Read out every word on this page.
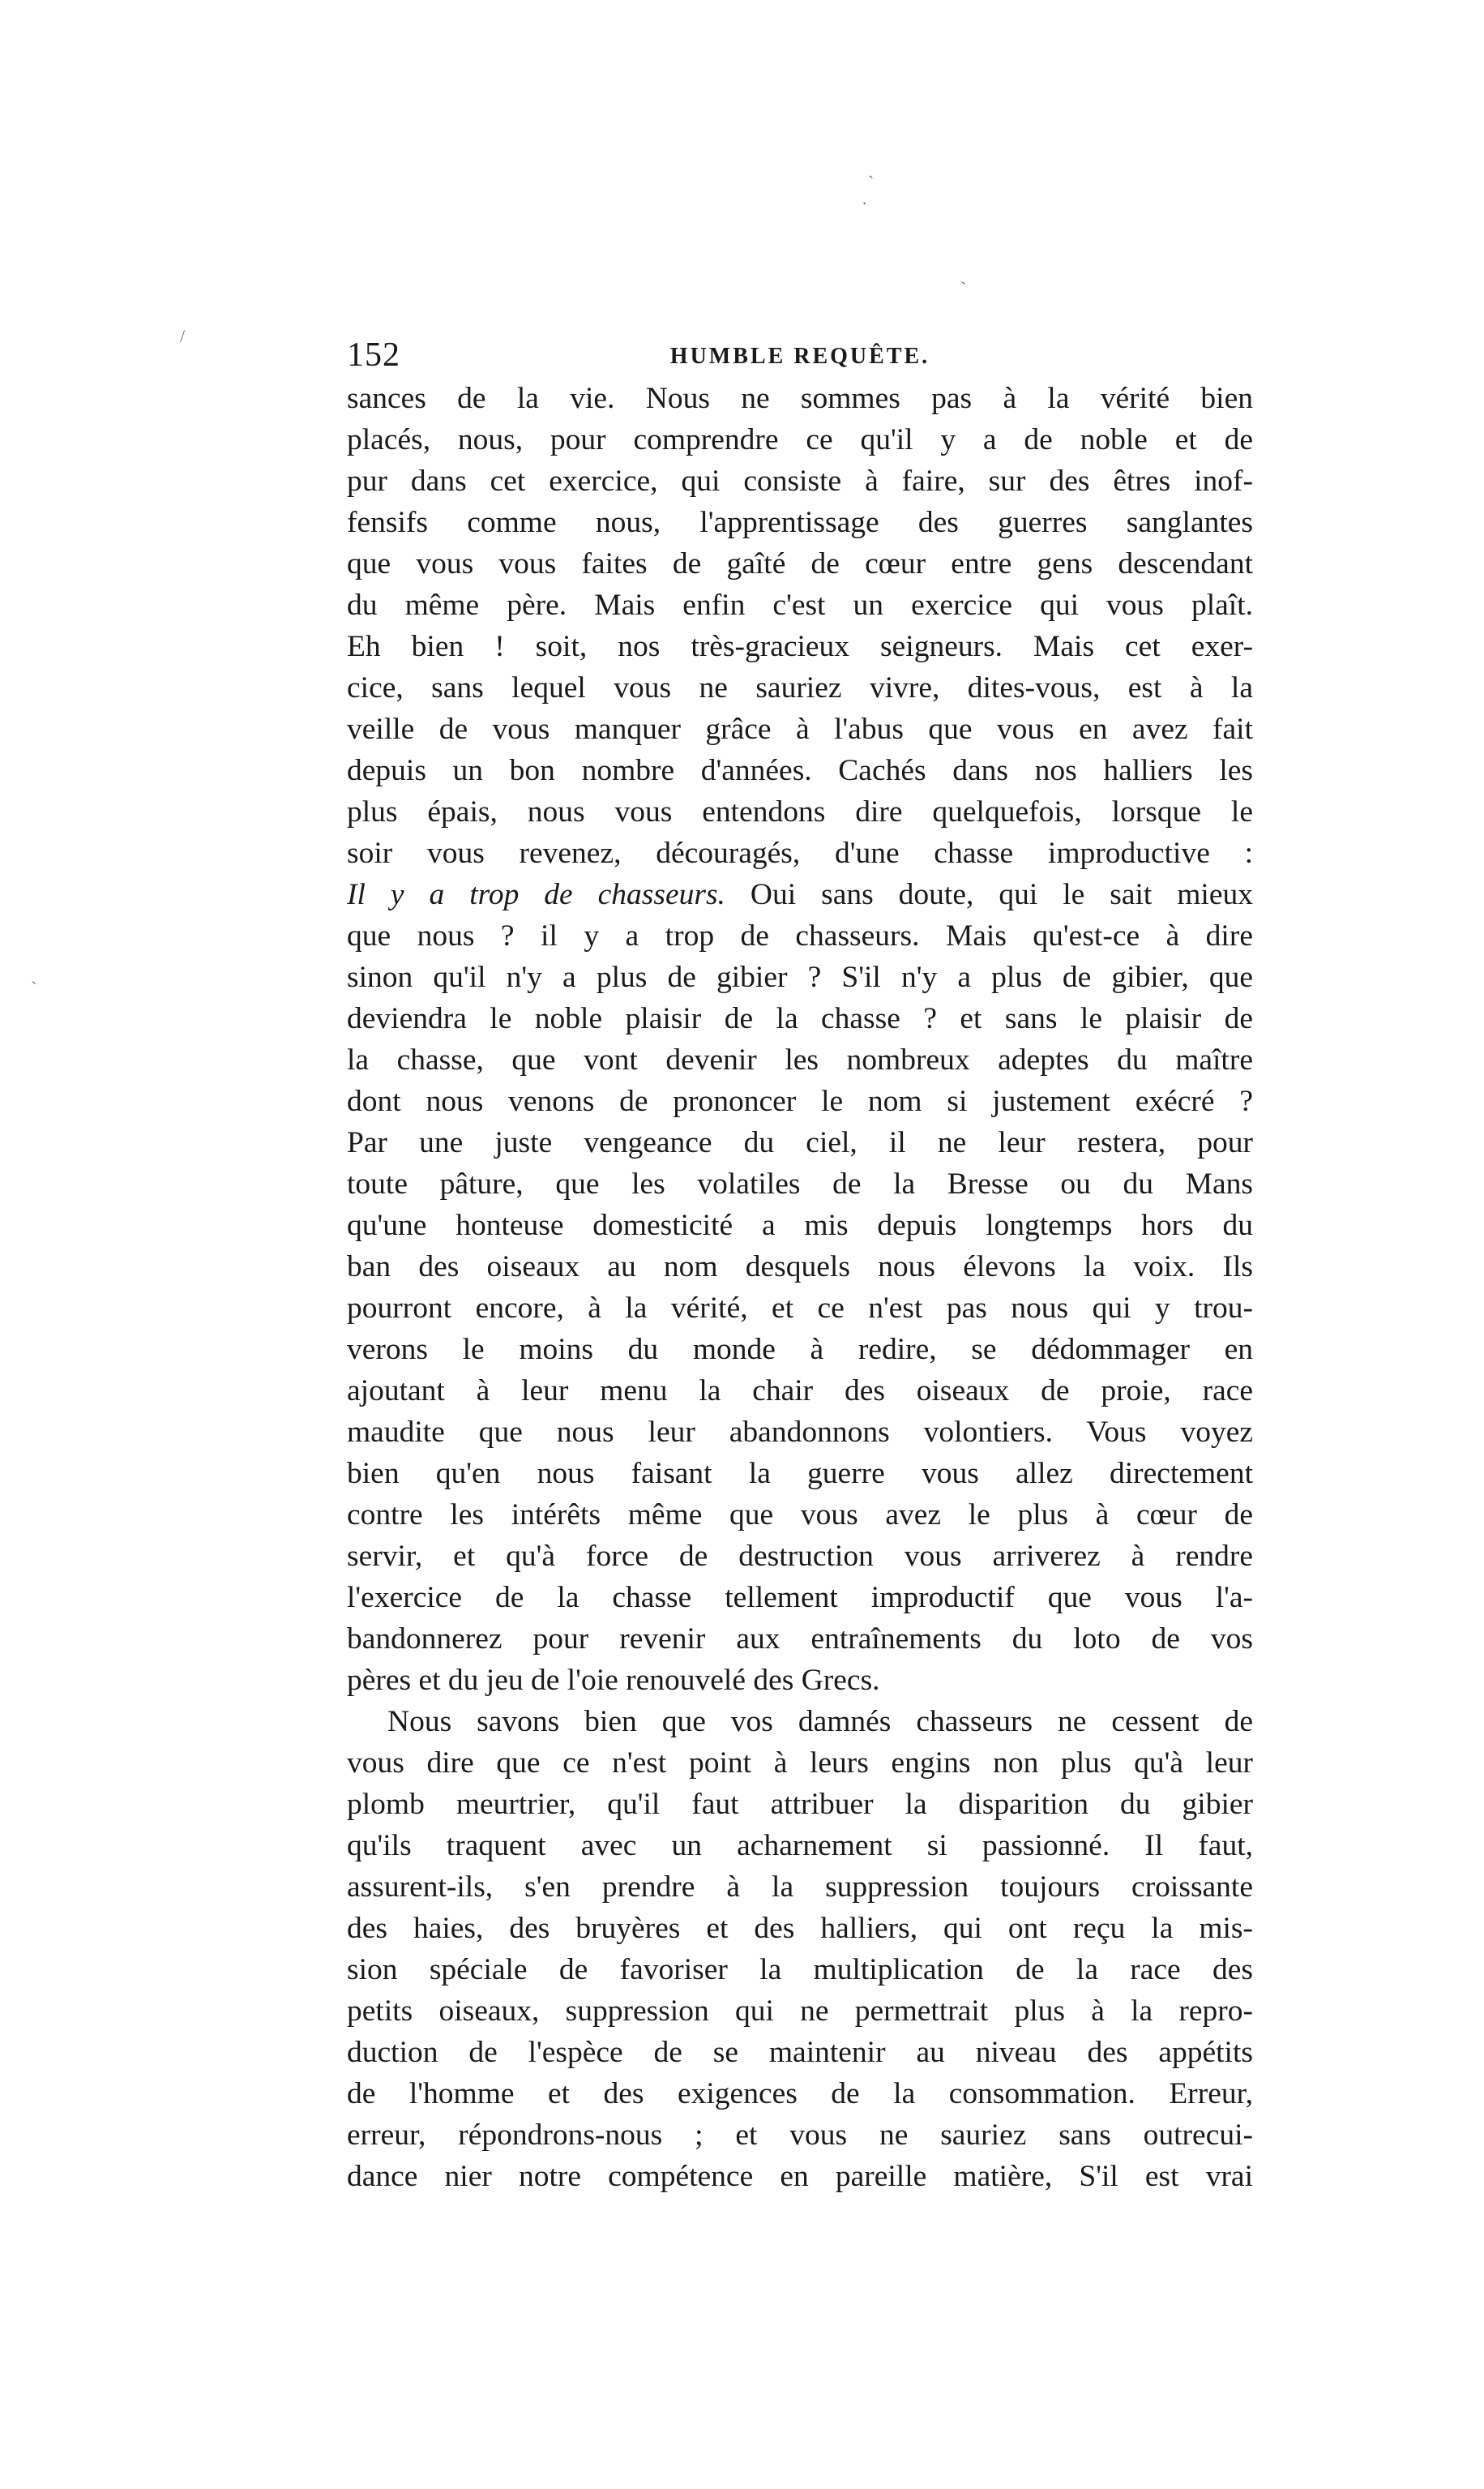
ˋ
·
ˏ
/
ˋ
152	HUMBLE REQUÊTE.
sances de la vie. Nous ne sommes pas à la vérité bien
placés, nous, pour comprendre ce qu'il y a de noble et de
pur dans cet exercice, qui consiste à faire, sur des êtres inof-
fensifs comme nous, l'apprentissage des guerres sanglantes
que vous vous faites de gaîté de cœur entre gens descendant
du même père. Mais enfin c'est un exercice qui vous plaît.
Eh bien ! soit, nos très-gracieux seigneurs. Mais cet exer-
cice, sans lequel vous ne sauriez vivre, dites-vous, est à la
veille de vous manquer grâce à l'abus que vous en avez fait
depuis un bon nombre d'années. Cachés dans nos halliers les
plus épais, nous vous entendons dire quelquefois, lorsque le
soir vous revenez, découragés, d'une chasse improductive :
Il y a trop de chasseurs. Oui sans doute, qui le sait mieux
que nous ? il y a trop de chasseurs. Mais qu'est-ce à dire
sinon qu'il n'y a plus de gibier ? S'il n'y a plus de gibier, que
deviendra le noble plaisir de la chasse ? et sans le plaisir de
la chasse, que vont devenir les nombreux adeptes du maître
dont nous venons de prononcer le nom si justement exécré ?
Par une juste vengeance du ciel, il ne leur restera, pour
toute pâture, que les volatiles de la Bresse ou du Mans
qu'une honteuse domesticité a mis depuis longtemps hors du
ban des oiseaux au nom desquels nous élevons la voix. Ils
pourront encore, à la vérité, et ce n'est pas nous qui y trou-
verons le moins du monde à redire, se dédommager en
ajoutant à leur menu la chair des oiseaux de proie, race
maudite que nous leur abandonnons volontiers. Vous voyez
bien qu'en nous faisant la guerre vous allez directement
contre les intérêts même que vous avez le plus à cœur de
servir, et qu'à force de destruction vous arriverez à rendre
l'exercice de la chasse tellement improductif que vous l'a-
bandonnerez pour revenir aux entraînements du loto de vos
pères et du jeu de l'oie renouvelé des Grecs.
Nous savons bien que vos damnés chasseurs ne cessent de
vous dire que ce n'est point à leurs engins non plus qu'à leur
plomb meurtrier, qu'il faut attribuer la disparition du gibier
qu'ils traquent avec un acharnement si passionné. Il faut,
assurent-ils, s'en prendre à la suppression toujours croissante
des haies, des bruyères et des halliers, qui ont reçu la mis-
sion spéciale de favoriser la multiplication de la race des
petits oiseaux, suppression qui ne permettrait plus à la repro-
duction de l'espèce de se maintenir au niveau des appétits
de l'homme et des exigences de la consommation. Erreur,
erreur, répondrons-nous ; et vous ne sauriez sans outrecui-
dance nier notre compétence en pareille matière, S'il est vrai
